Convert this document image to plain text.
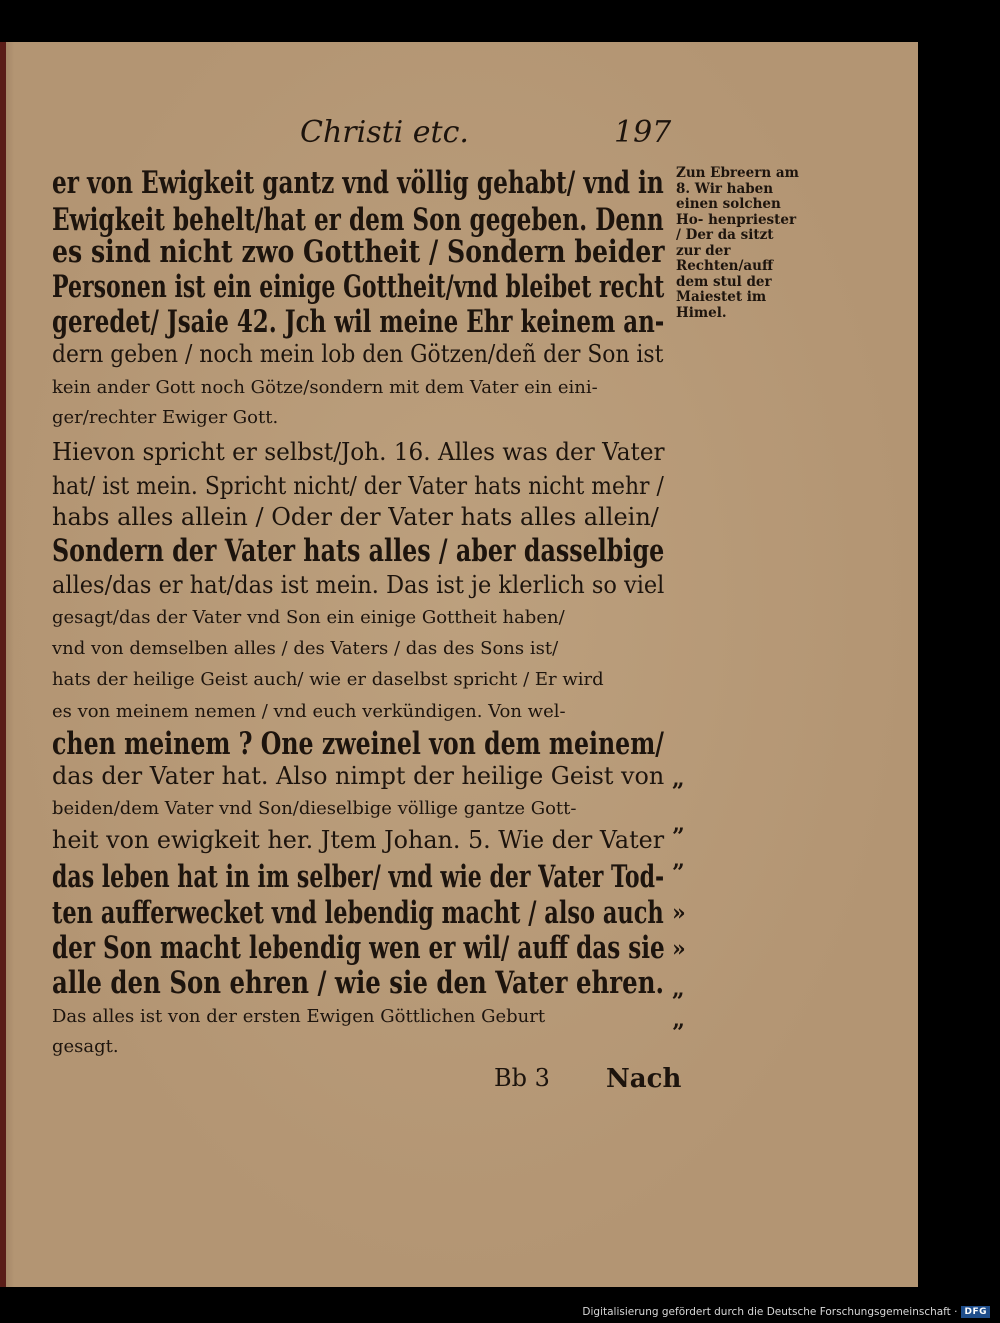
Christi etc.	197
er von Ewigkeit gantz vnd völlig gehabt/ vnd in
Ewigkeit behelt/hat er dem Son gegeben. Denn
es sind nicht zwo Gottheit / Sondern beider
Personen ist ein einige Gottheit/vnd bleibet recht
geredet/ Jsaie 42. Jch wil meine Ehr keinem an-
dern geben / noch mein lob den Götzen/deñ der Son ist
kein ander Gott noch Götze/sondern mit dem Vater ein eini-
ger/rechter Ewiger Gott.
Hievon spricht er selbst/Joh. 16. Alles was der Vater
hat/ ist mein. Spricht nicht/ der Vater hats nicht mehr /
habs alles allein / Oder der Vater hats alles allein/
Sondern der Vater hats alles / aber dasselbige
alles/das er hat/das ist mein. Das ist je klerlich so viel
gesagt/das der Vater vnd Son ein einige Gottheit haben/
vnd von demselben alles / des Vaters / das des Sons ist/
hats der heilige Geist auch/ wie er daselbst spricht / Er wird
es von meinem nemen / vnd euch verkündigen. Von wel-
chen meinem ? One zweinel von dem meinem/
das der Vater hat. Also nimpt der heilige Geist von
beiden/dem Vater vnd Son/dieselbige völlige gantze Gott-
heit von ewigkeit her. Jtem Johan. 5. Wie der Vater
das leben hat in im selber/ vnd wie der Vater Tod-
ten aufferwecket vnd lebendig macht / also auch
der Son macht lebendig wen er wil/ auff das sie
alle den Son ehren / wie sie den Vater ehren.
Das alles ist von der ersten Ewigen Göttlichen Geburt
gesagt.
Zun Ebreern am 8. Wir haben einen solchen Ho- henpriester / Der da sitzt zur der Rechten/auff dem stul der Maiestet im Himel.
„
”
”
»
»
„
”
Bb 3 Nach
Digitalisierung gefördert durch die Deutsche Forschungsgemeinschaft · DFG
